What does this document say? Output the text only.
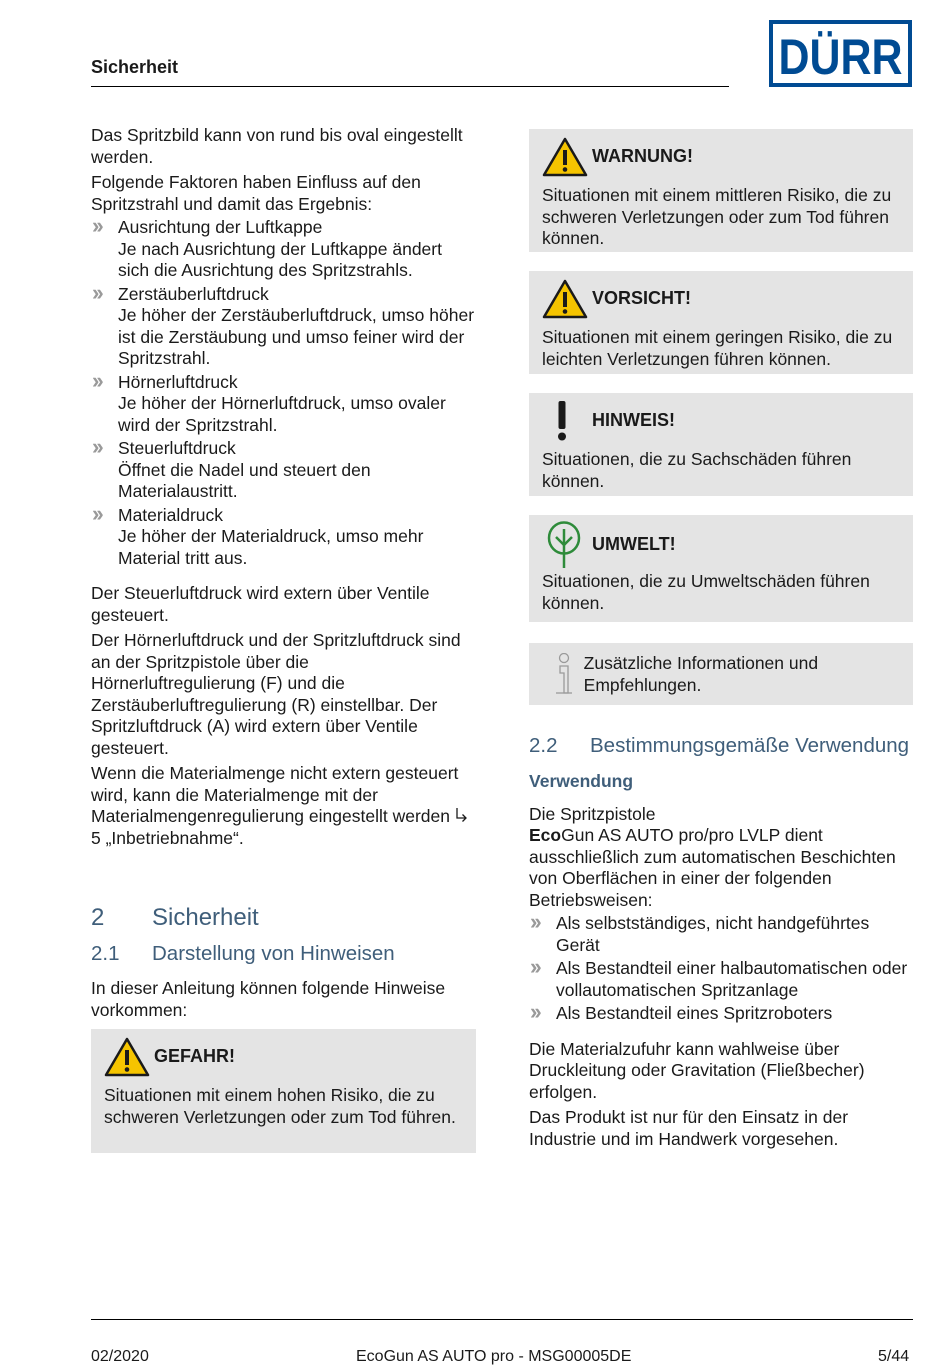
Sicherheit	DÜRR

Das Spritzbild kann von rund bis oval eingestellt werden.

Folgende Faktoren haben Einfluss auf den Spritzstrahl und damit das Ergebnis:

›› Ausrichtung der Luftkappe
Je nach Ausrichtung der Luftkappe ändert sich die Ausrichtung des Spritzstrahls.
›› Zerstäuberluftdruck
Je höher der Zerstäuberluftdruck, umso höher ist die Zerstäubung und umso feiner wird der Spritzstrahl.
›› Hörnerluftdruck
Je höher der Hörnerluftdruck, umso ovaler wird der Spritzstrahl.
›› Steuerluftdruck
Öffnet die Nadel und steuert den Materialaustritt.
›› Materialdruck
Je höher der Materialdruck, umso mehr Material tritt aus.

Der Steuerluftdruck wird extern über Ventile gesteuert.

Der Hörnerluftdruck und der Spritzluftdruck sind an der Spritzpistole über die Hörnerluftregulierung (F) und die Zerstäuberluftregulierung (R) einstellbar. Der Spritzluftdruck (A) wird extern über Ventile gesteuert.

Wenn die Materialmenge nicht extern gesteuert wird, kann die Materialmenge mit der Materialmengenregulierung eingestellt werden  5 „Inbetriebnahme“.

2	Sicherheit
2.1	Darstellung von Hinweisen

In dieser Anleitung können folgende Hinweise vorkommen:

GEFAHR!
Situationen mit einem hohen Risiko, die zu schweren Verletzungen oder zum Tod führen.
WARNUNG!
Situationen mit einem mittleren Risiko, die zu schweren Verletzungen oder zum Tod führen können.
VORSICHT!
Situationen mit einem geringen Risiko, die zu leichten Verletzungen führen können.
HINWEIS!
Situationen, die zu Sachschäden führen können.
UMWELT!
Situationen, die zu Umweltschäden führen können.
Zusätzliche Informationen und Empfehlungen.
2.2	Bestimmungsgemäße Verwendung

Verwendung

Die Spritzpistole

EcoGun AS AUTO pro/pro LVLP dient ausschließlich zum automatischen Beschichten von Oberflächen in einer der folgenden Betriebsweisen:

›› Als selbstständiges, nicht handgeführtes Gerät
›› Als Bestandteil einer halbautomatischen oder vollautomatischen Spritzanlage
›› Als Bestandteil eines Spritzroboters

Die Materialzufuhr kann wahlweise über Druckleitung oder Gravitation (Fließbecher) erfolgen.

Das Produkt ist nur für den Einsatz in der Industrie und im Handwerk vorgesehen.

02/2020	EcoGun AS AUTO pro - MSG00005DE	5/44
